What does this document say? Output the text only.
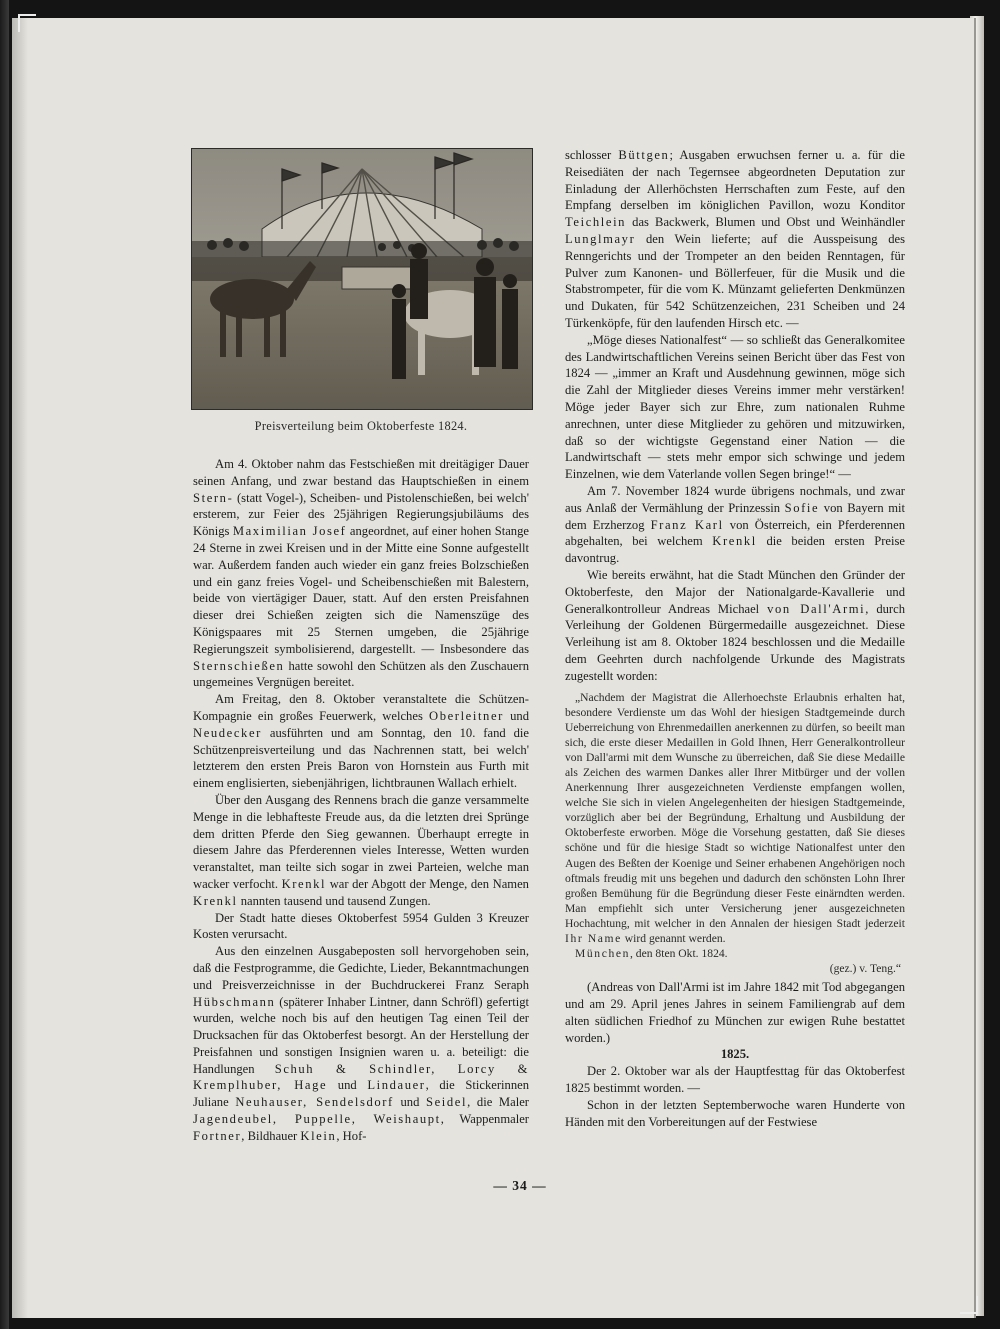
Preisverteilung beim Oktoberfeste 1824.

Am 4. Oktober nahm das Festschießen mit dreitägiger Dauer seinen Anfang, und zwar bestand das Hauptschießen in einem Stern- (statt Vogel-), Scheiben- und Pistolenschießen, bei welch' ersterem, zur Feier des 25jährigen Regierungsjubiläums des Königs Maximilian Josef angeordnet, auf einer hohen Stange 24 Sterne in zwei Kreisen und in der Mitte eine Sonne aufgestellt war. Außerdem fanden auch wieder ein ganz freies Bolzschießen und ein ganz freies Vogel- und Scheibenschießen mit Balestern, beide von viertägiger Dauer, statt. Auf den ersten Preisfahnen dieser drei Schießen zeigten sich die Namenszüge des Königspaares mit 25 Sternen umgeben, die 25jährige Regierungszeit symbolisierend, dargestellt. — Insbesondere das Sternschießen hatte sowohl den Schützen als den Zuschauern ungemeines Vergnügen bereitet.

Am Freitag, den 8. Oktober veranstaltete die Schützen-Kompagnie ein großes Feuerwerk, welches Oberleitner und Neudecker ausführten und am Sonntag, den 10. fand die Schützenpreisverteilung und das Nachrennen statt, bei welch' letzterem den ersten Preis Baron von Hornstein aus Furth mit einem englisierten, siebenjährigen, lichtbraunen Wallach erhielt.

Über den Ausgang des Rennens brach die ganze versammelte Menge in die lebhafteste Freude aus, da die letzten drei Sprünge dem dritten Pferde den Sieg gewannen. Überhaupt erregte in diesem Jahre das Pferderennen vieles Interesse, Wetten wurden veranstaltet, man teilte sich sogar in zwei Parteien, welche man wacker verfocht. Krenkl war der Abgott der Menge, den Namen Krenkl nannten tausend und tausend Zungen.

Der Stadt hatte dieses Oktoberfest 5954 Gulden 3 Kreuzer Kosten verursacht.

Aus den einzelnen Ausgabeposten soll hervorgehoben sein, daß die Festprogramme, die Gedichte, Lieder, Bekanntmachungen und Preisverzeichnisse in der Buchdruckerei Franz Seraph Hübschmann (späterer Inhaber Lintner, dann Schröfl) gefertigt wurden, welche noch bis auf den heutigen Tag einen Teil der Drucksachen für das Oktoberfest besorgt. An der Herstellung der Preisfahnen und sonstigen Insignien waren u. a. beteiligt: die Handlungen Schuh & Schindler, Lorcy & Kremplhuber, Hage und Lindauer, die Stickerinnen Juliane Neuhauser, Sendelsdorf und Seidel, die Maler Jagendeubel, Puppelle, Weishaupt, Wappenmaler Fortner, Bildhauer Klein, Hof-

schlosser Büttgen; Ausgaben erwuchsen ferner u. a. für die Reisediäten der nach Tegernsee abgeordneten Deputation zur Einladung der Allerhöchsten Herrschaften zum Feste, auf den Empfang derselben im königlichen Pavillon, wozu Konditor Teichlein das Backwerk, Blumen und Obst und Weinhändler Lunglmayr den Wein lieferte; auf die Ausspeisung des Renngerichts und der Trompeter an den beiden Renntagen, für Pulver zum Kanonen- und Böllerfeuer, für die Musik und die Stabstrompeter, für die vom K. Münzamt gelieferten Denkmünzen und Dukaten, für 542 Schützenzeichen, 231 Scheiben und 24 Türkenköpfe, für den laufenden Hirsch etc. —

„Möge dieses Nationalfest“ — so schließt das Generalkomitee des Landwirtschaftlichen Vereins seinen Bericht über das Fest von 1824 — „immer an Kraft und Ausdehnung gewinnen, möge sich die Zahl der Mitglieder dieses Vereins immer mehr verstärken! Möge jeder Bayer sich zur Ehre, zum nationalen Ruhme anrechnen, unter diese Mitglieder zu gehören und mitzuwirken, daß so der wichtigste Gegenstand einer Nation — die Landwirtschaft — stets mehr empor sich schwinge und jedem Einzelnen, wie dem Vaterlande vollen Segen bringe!“ —

Am 7. November 1824 wurde übrigens nochmals, und zwar aus Anlaß der Vermählung der Prinzessin Sofie von Bayern mit dem Erzherzog Franz Karl von Österreich, ein Pferderennen abgehalten, bei welchem Krenkl die beiden ersten Preise davontrug.

Wie bereits erwähnt, hat die Stadt München den Gründer der Oktoberfeste, den Major der Nationalgarde-Kavallerie und Generalkontrolleur Andreas Michael von Dall'Armi, durch Verleihung der Goldenen Bürgermedaille ausgezeichnet. Diese Verleihung ist am 8. Oktober 1824 beschlossen und die Medaille dem Geehrten durch nachfolgende Urkunde des Magistrats zugestellt worden:

„Nachdem der Magistrat die Allerhoechste Erlaubnis erhalten hat, besondere Verdienste um das Wohl der hiesigen Stadtgemeinde durch Ueberreichung von Ehrenmedaillen anerkennen zu dürfen, so beeilt man sich, die erste dieser Medaillen in Gold Ihnen, Herr Generalkontrolleur von Dall'armi mit dem Wunsche zu überreichen, daß Sie diese Medaille als Zeichen des warmen Dankes aller Ihrer Mitbürger und der vollen Anerkennung Ihrer ausgezeichneten Verdienste empfangen wollen, welche Sie sich in vielen Angelegenheiten der hiesigen Stadtgemeinde, vorzüglich aber bei der Begründung, Erhaltung und Ausbildung der Oktoberfeste erworben. Möge die Vorsehung gestatten, daß Sie dieses schöne und für die hiesige Stadt so wichtige Nationalfest unter den Augen des Beßten der Koenige und Seiner erhabenen Angehörigen noch oftmals freudig mit uns begehen und dadurch den schönsten Lohn Ihrer großen Bemühung für die Begründung dieser Feste einärndten werden. Man empfiehlt sich unter Versicherung jener ausgezeichneten Hochachtung, mit welcher in den Annalen der hiesigen Stadt jederzeit Ihr Name wird genannt werden.

München, den 8ten Okt. 1824.

(gez.) v. Teng.“

(Andreas von Dall'Armi ist im Jahre 1842 mit Tod abgegangen und am 29. April jenes Jahres in seinem Familiengrab auf dem alten südlichen Friedhof zu München zur ewigen Ruhe bestattet worden.)

1825.

Der 2. Oktober war als der Hauptfesttag für das Oktoberfest 1825 bestimmt worden. —

Schon in der letzten Septemberwoche waren Hunderte von Händen mit den Vorbereitungen auf der Festwiese

— 34 —
